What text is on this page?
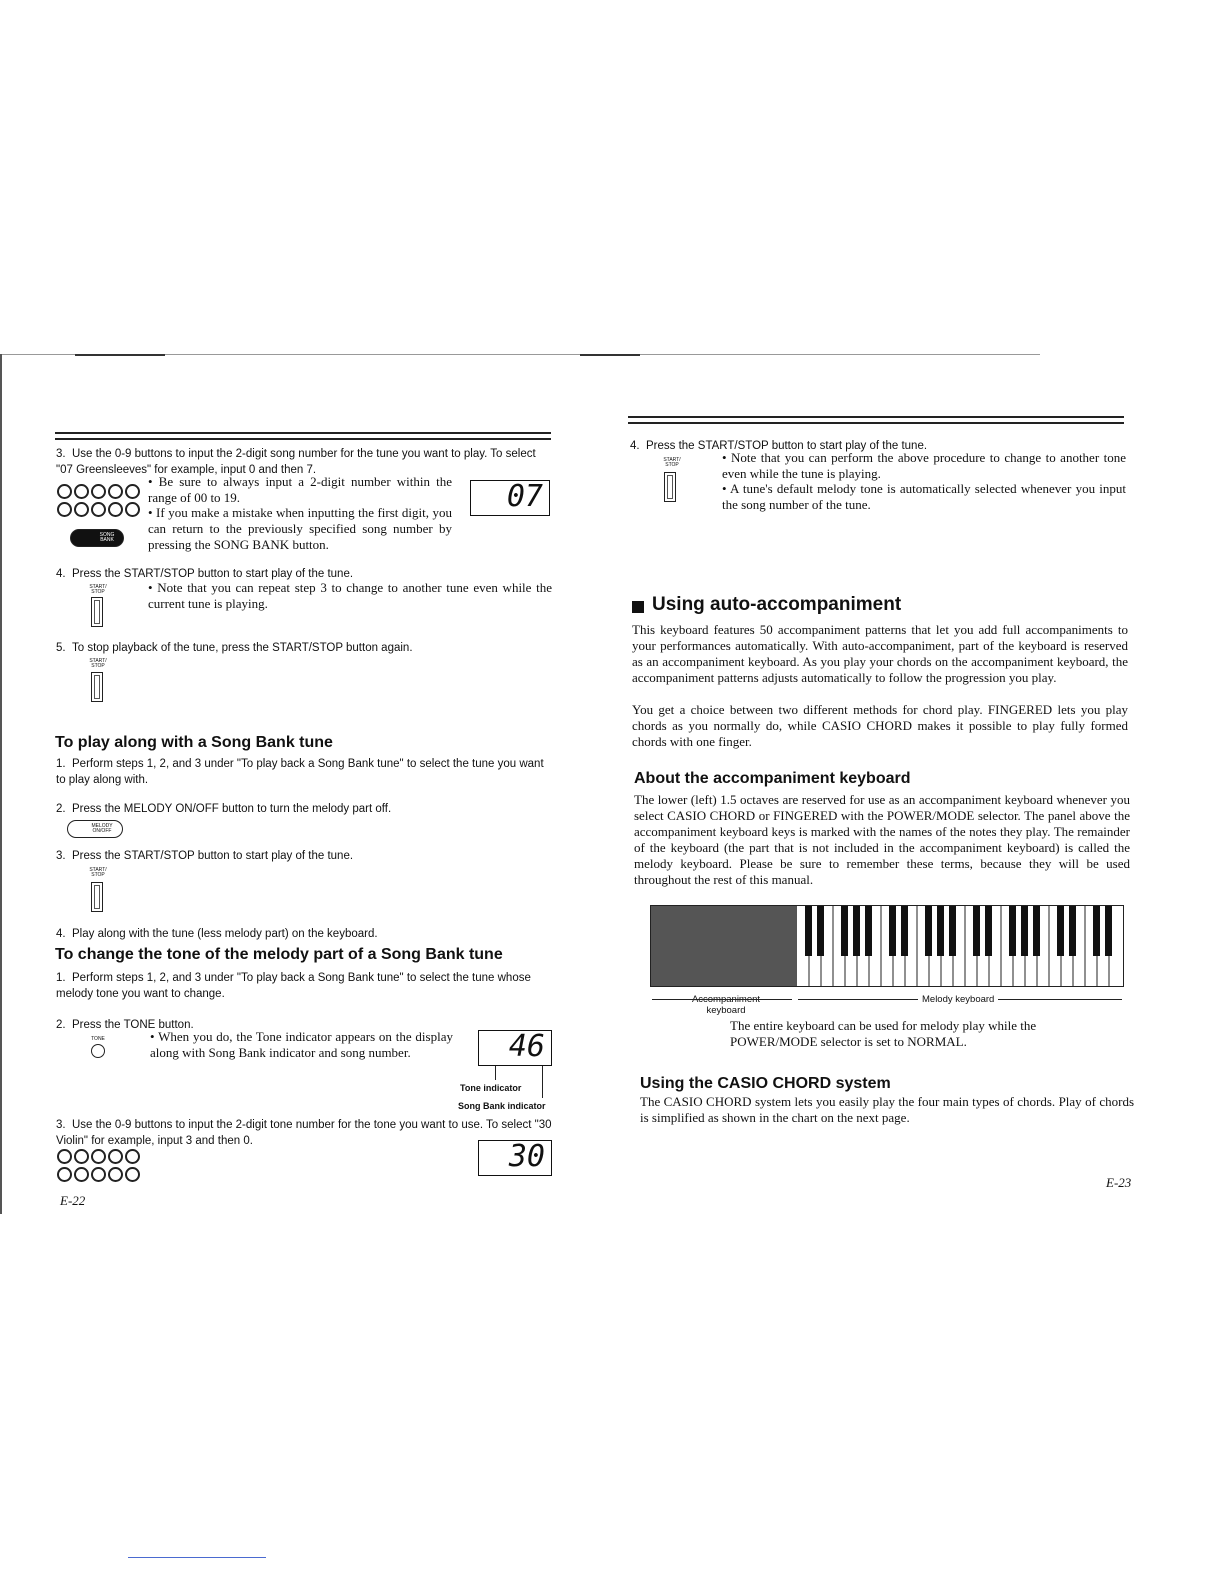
3. Use the 0-9 buttons to input the 2-digit song number for the tune you want to play. To select "07 Greensleeves" for example, input 0 and then 7.
SONG BANK
• Be sure to always input a 2-digit number within the range of 00 to 19.
• If you make a mistake when inputting the first digit, you can return to the previously specified song number by pressing the SONG BANK button.
07
4. Press the START/STOP button to start play of the tune.
START/ STOP	• Note that you can repeat step 3 to change to another tune even while the current tune is playing.
5. To stop playback of the tune, press the START/STOP button again.
START/ STOP
To play along with a Song Bank tune
1. Perform steps 1, 2, and 3 under "To play back a Song Bank tune" to select the tune you want to play along with.
2. Press the MELODY ON/OFF button to turn the melody part off.
MELODY ON/OFF
3. Press the START/STOP button to start play of the tune.
START/ STOP
4. Play along with the tune (less melody part) on the keyboard.
To change the tone of the melody part of a Song Bank tune
1. Perform steps 1, 2, and 3 under "To play back a Song Bank tune" to select the tune whose melody tone you want to change.
2. Press the TONE button.
TONE	• When you do, the Tone indicator appears on the display along with Song Bank indicator and song number.	46
Tone indicator
Song Bank indicator
3. Use the 0-9 buttons to input the 2-digit tone number for the tone you want to use. To select "30 Violin" for example, input 3 and then 0.	30
E-22
4. Press the START/STOP button to start play of the tune.
START/ STOP	• Note that you can perform the above procedure to change to another tone even while the tune is playing.
• A tune's default melody tone is automatically selected whenever you input the song number of the tune.
Using auto-accompaniment
This keyboard features 50 accompaniment patterns that let you add full accompaniments to your performances automatically. With auto-accompaniment, part of the keyboard is reserved as an accompaniment keyboard. As you play your chords on the accompaniment keyboard, the accompaniment patterns adjusts automatically to follow the progression you play.
You get a choice between two different methods for chord play. FINGERED lets you play chords as you normally do, while CASIO CHORD makes it possible to play fully formed chords with one finger.
About the accompaniment keyboard
The lower (left) 1.5 octaves are reserved for use as an accompaniment keyboard whenever you select CASIO CHORD or FINGERED with the POWER/MODE selector. The panel above the accompaniment keyboard keys is marked with the names of the notes they play. The remainder of the keyboard (the part that is not included in the accompaniment keyboard) is called the melody keyboard. Please be sure to remember these terms, because they will be used throughout the rest of this manual.
keyboard
Melody keyboard
The entire keyboard can be used for melody play while the POWER/MODE selector is set to NORMAL.
Using the CASIO CHORD system
The CASIO CHORD system lets you easily play the four main types of chords. Play of chords is simplified as shown in the chart on the next page.
E-23
